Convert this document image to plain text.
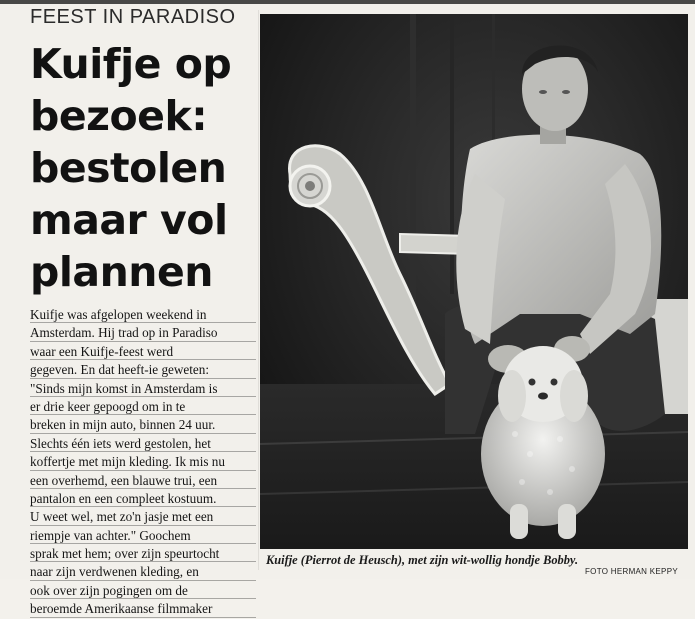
FEEST IN PARADISO
Kuifje op
bezoek:
bestolen
maar vol
plannen
Kuifje was afgelopen weekend in
Amsterdam. Hij trad op in Paradiso
waar een Kuifje-feest werd
gegeven. En dat heeft-ie geweten:
"Sinds mijn komst in Amsterdam is
er drie keer gepoogd om in te
breken in mijn auto, binnen 24 uur.
Slechts één iets werd gestolen, het
koffertje met mijn kleding. Ik mis nu
een overhemd, een blauwe trui, een
pantalon en een compleet kostuum.
U weet wel, met zo'n jasje met een
riempje van achter." Goochem
sprak met hem; over zijn speurtocht
naar zijn verdwenen kleding, en
ook over zijn pogingen om de
beroemde Amerikaanse filmmaker
Kuifje (Pierrot de Heusch), met zijn wit-wollig hondje Bobby.
FOTO HERMAN KEPPY
